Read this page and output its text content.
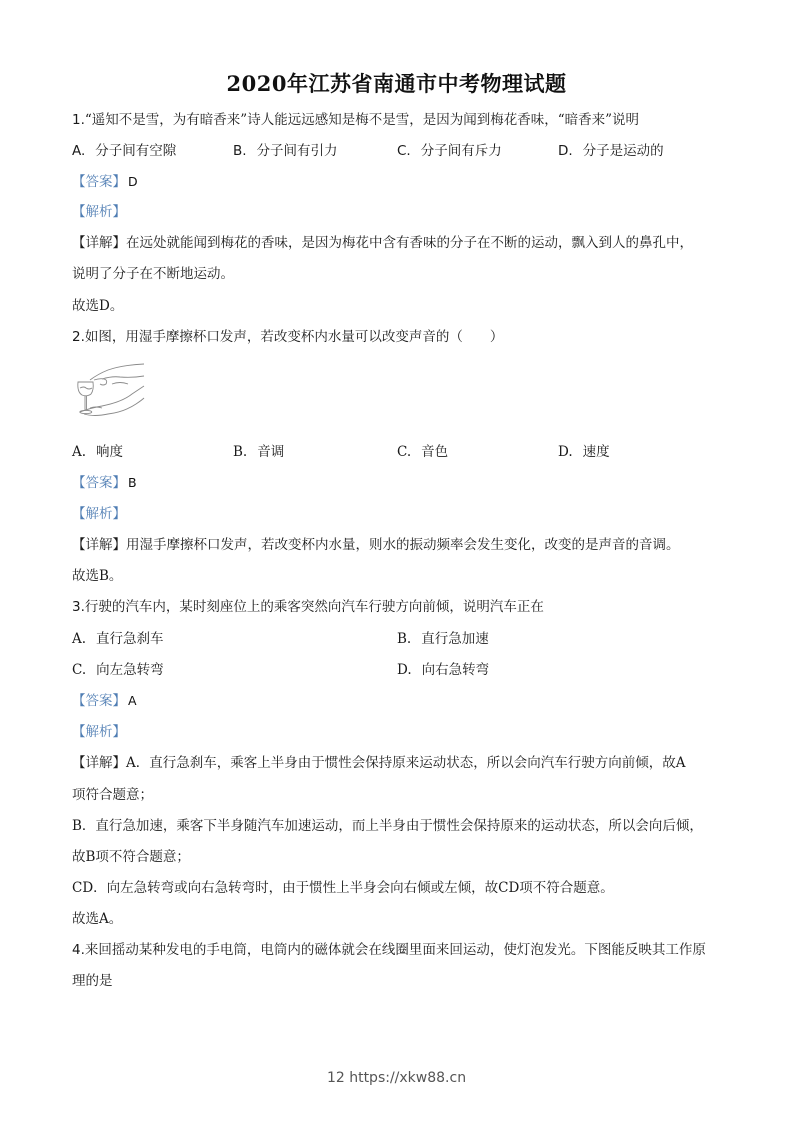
2020年江苏省南通市中考物理试题
1.“遥知不是雪，为有暗香来”诗人能远远感知是梅不是雪，是因为闻到梅花香味，“暗香来”说明
A. 分子间有空隙	B. 分子间有引力	C. 分子间有斥力	D. 分子是运动的
【答案】 D
【解析】
【详解】在远处就能闻到梅花的香味，是因为梅花中含有香味的分子在不断的运动，飘入到人的鼻孔中，
说明了分子在不断地运动。
故选D。
2.如图，用湿手摩擦杯口发声，若改变杯内水量可以改变声音的（　　）
A. 响度	B. 音调	C. 音色	D. 速度
【答案】 B
【解析】
【详解】用湿手摩擦杯口发声，若改变杯内水量，则水的振动频率会发生变化，改变的是声音的音调。
故选B。
3.行驶的汽车内，某时刻座位上的乘客突然向汽车行驶方向前倾，说明汽车正在
A. 直行急刹车	B. 直行急加速
C. 向左急转弯	D. 向右急转弯
【答案】 A
【解析】
【详解】A．直行急刹车，乘客上半身由于惯性会保持原来运动状态，所以会向汽车行驶方向前倾，故A
项符合题意；
B．直行急加速，乘客下半身随汽车加速运动，而上半身由于惯性会保持原来的运动状态，所以会向后倾，
故B项不符合题意；
CD．向左急转弯或向右急转弯时，由于惯性上半身会向右倾或左倾，故CD项不符合题意。
故选A。
4.来回摇动某种发电的手电筒，电筒内的磁体就会在线圈里面来回运动，使灯泡发光。下图能反映其工作原
理的是
12 https://xkw88.cn
